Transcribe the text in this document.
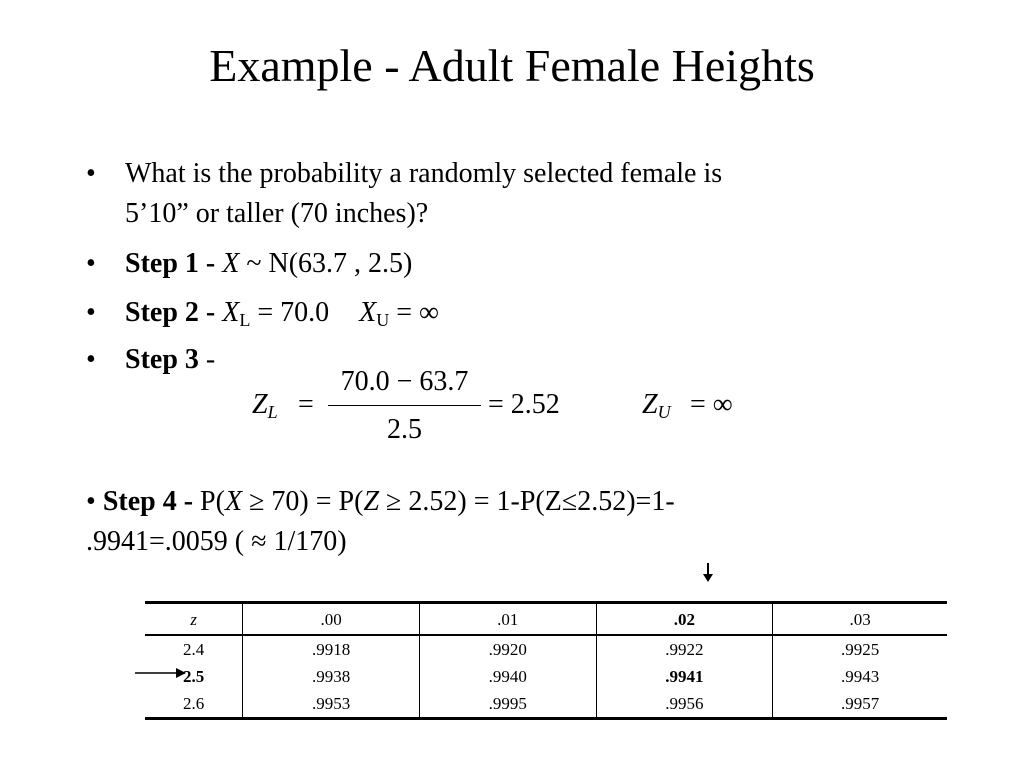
Example - Adult Female Heights
• What is the probability a randomly selected female is
5’10” or taller (70 inches)?
• Step 1 - X ~ N(63.7 , 2.5)
• Step $2 - X_L = 70.0$ $X_U$ = ∞
• Step 3 -
$Z_L$ =
70.0 − 63.7
2.5
= 2.52	$Z_U$ = ∞
• Step 4 - P(X ≥ 70) = P(Z ≥ 2.52) = 1-P(Z≤2.52)=1-
.9941=.0059 ( ≈ 1/170)
z	.00	.01	.02	.03
2.4	.9918	.9920	.9922	.9925
2.5	.9938	.9940	.9941	.9943
2.6	.9953	.9995	.9956	.9957
